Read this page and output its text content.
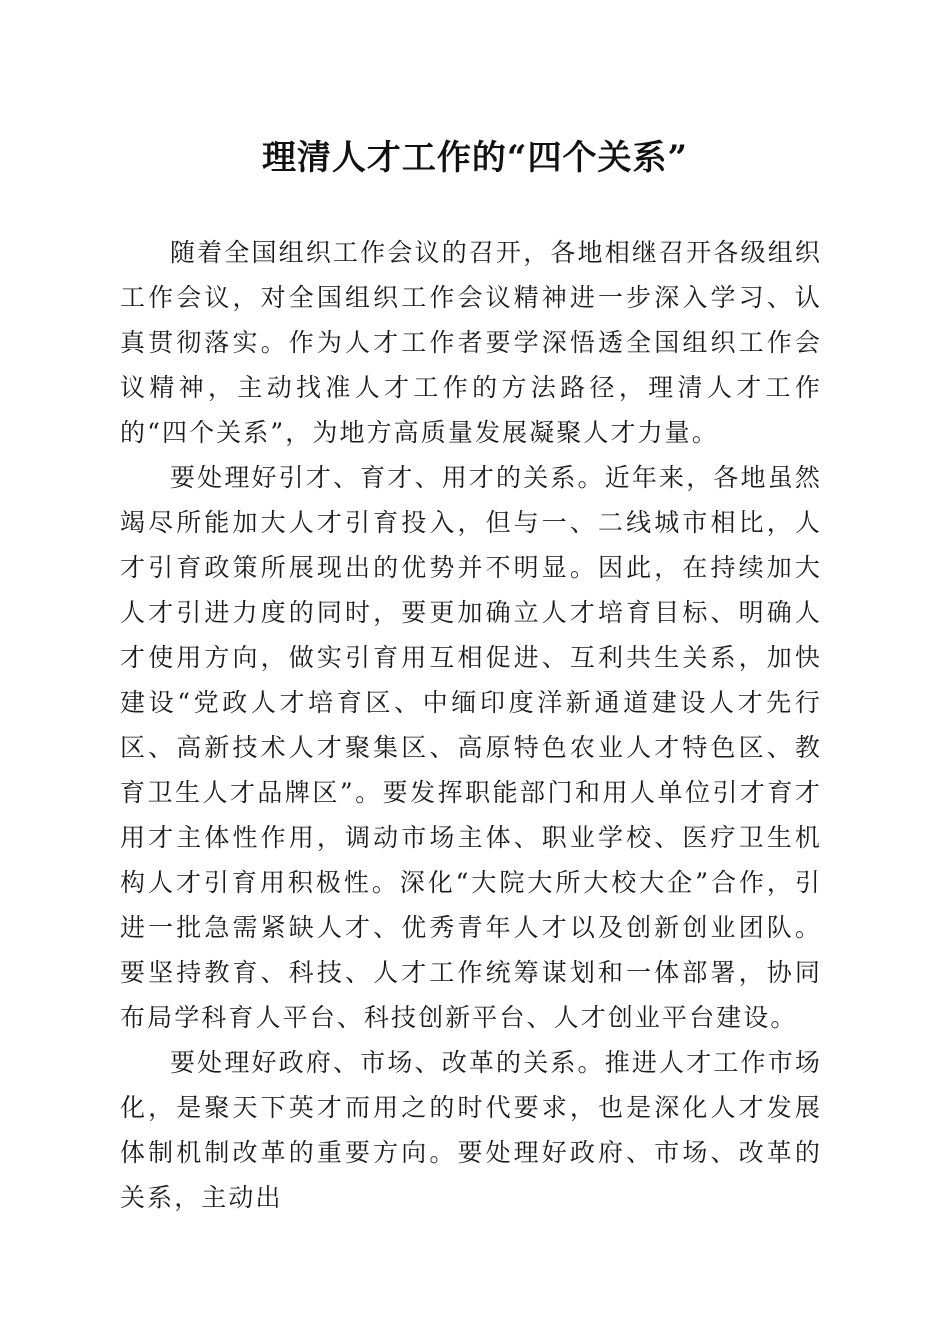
理清人才工作的“四个关系”

随着全国组织工作会议的召开，各地相继召开各级组织工作会议，对全国组织工作会议精神进一步深入学习、认真贯彻落实。作为人才工作者要学深悟透全国组织工作会议精神，主动找准人才工作的方法路径，理清人才工作的“四个关系”，为地方高质量发展凝聚人才力量。

要处理好引才、育才、用才的关系。近年来，各地虽然竭尽所能加大人才引育投入，但与一、二线城市相比，人才引育政策所展现出的优势并不明显。因此，在持续加大人才引进力度的同时，要更加确立人才培育目标、明确人才使用方向，做实引育用互相促进、互利共生关系，加快建设“党政人才培育区、中缅印度洋新通道建设人才先行区、高新技术人才聚集区、高原特色农业人才特色区、教育卫生人才品牌区”。要发挥职能部门和用人单位引才育才用才主体性作用，调动市场主体、职业学校、医疗卫生机构人才引育用积极性。深化“大院大所大校大企”合作，引进一批急需紧缺人才、优秀青年人才以及创新创业团队。要坚持教育、科技、人才工作统筹谋划和一体部署，协同布局学科育人平台、科技创新平台、人才创业平台建设。

要处理好政府、市场、改革的关系。推进人才工作市场化，是聚天下英才而用之的时代要求，也是深化人才发展体制机制改革的重要方向。要处理好政府、市场、改革的关系，主动出
